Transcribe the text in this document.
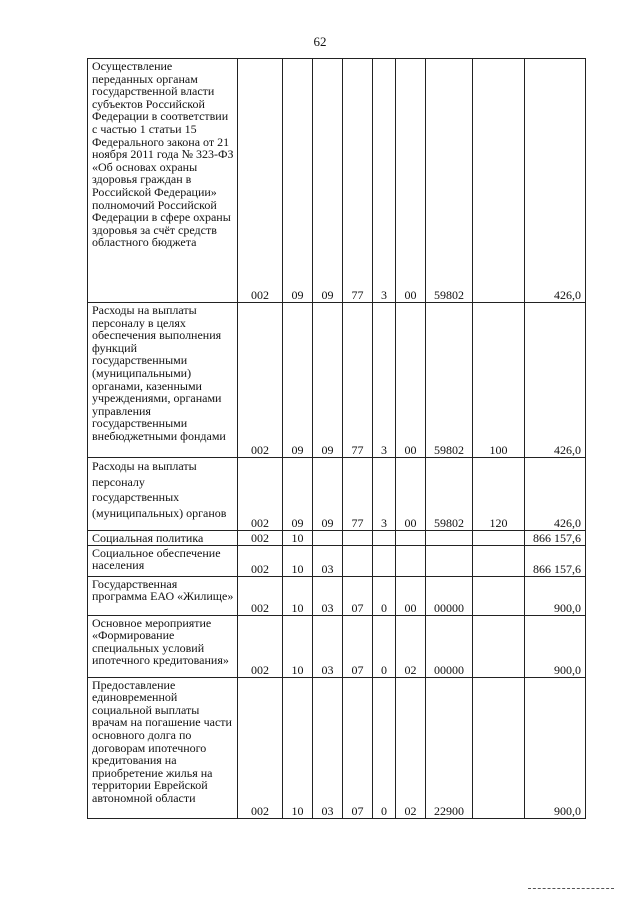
62
Осуществление переданных органам государственной власти субъектов Российской Федерации в соответствии с частью 1 статьи 15 Федерального закона от 21 ноября 2011 года № 323-ФЗ «Об основах охраны здоровья граждан в Российской Федерации» полномочий Российской Федерации в сфере охраны здоровья за счёт средств областного бюджета	002	09	09	77	3	00	59802		426,0
Расходы на выплаты персоналу в целях обеспечения выполнения функций государственными (муниципальными) органами, казенными учреждениями, органами управления государственными внебюджетными фондами	002	09	09	77	3	00	59802	100	426,0
Расходы на выплаты персоналу государственных (муниципальных) органов	002	09	09	77	3	00	59802	120	426,0
Социальная политика	002	10							866 157,6
Социальное обеспечение населения	002	10	03						866 157,6
Государственная программа ЕАО «Жилище»	002	10	03	07	0	00	00000		900,0
Основное мероприятие «Формирование специальных условий ипотечного кредитования»	002	10	03	07	0	02	00000		900,0
Предоставление единовременной социальной выплаты врачам на погашение части основного долга по договорам ипотечного кредитования на приобретение жилья на территории Еврейской автономной области	002	10	03	07	0	02	22900		900,0
